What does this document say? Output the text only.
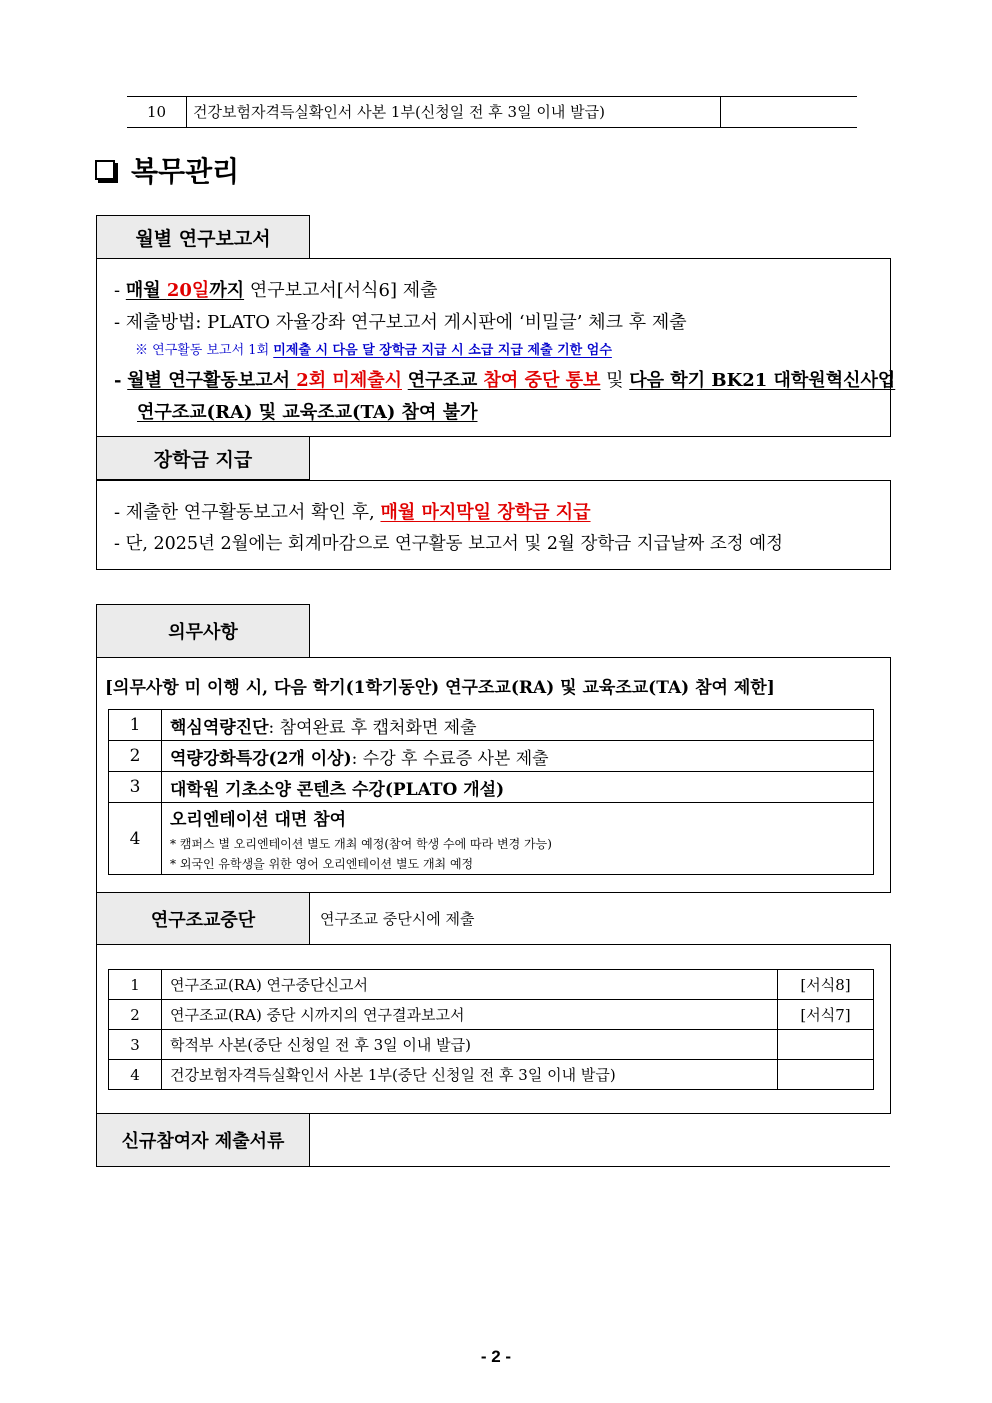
10	건강보험자격득실확인서 사본 1부(신청일 전 후 3일 이내 발급)
복무관리
월별 연구보고서
- 매월 20일까지 연구보고서[서식6] 제출
- 제출방법: PLATO 자율강좌 연구보고서 게시판에 ‘비밀글’ 체크 후 제출
※ 연구활동 보고서 1회 미제출 시 다음 달 장학금 지급 시 소급 지급 제출 기한 엄수
- 월별 연구활동보고서 2회 미제출시 연구조교 참여 중단 통보 및 다음 학기 BK21 대학원혁신사업
연구조교(RA) 및 교육조교(TA) 참여 불가
장학금 지급
- 제출한 연구활동보고서 확인 후, 매월 마지막일 장학금 지급
- 단, 2025년 2월에는 회계마감으로 연구활동 보고서 및 2월 장학금 지급날짜 조정 예정
의무사항
[의무사항 미 이행 시, 다음 학기(1학기동안) 연구조교(RA) 및 교육조교(TA) 참여 제한]
1	핵심역량진단: 참여완료 후 캡처화면 제출
2	역량강화특강(2개 이상): 수강 후 수료증 사본 제출
3	대학원 기초소양 콘텐츠 수강(PLATO 개설)
4	오리엔테이션 대면 참여
* 캠퍼스 별 오리엔테이션 별도 개최 예정(참여 학생 수에 따라 변경 가능)
* 외국인 유학생을 위한 영어 오리엔테이션 별도 개최 예정
연구조교중단	연구조교 중단시에 제출
1	연구조교(RA) 연구중단신고서	[서식8]
2	연구조교(RA) 중단 시까지의 연구결과보고서	[서식7]
3	학적부 사본(중단 신청일 전 후 3일 이내 발급)	
4	건강보험자격득실확인서 사본 1부(중단 신청일 전 후 3일 이내 발급)	
신규참여자 제출서류
- 2 -
